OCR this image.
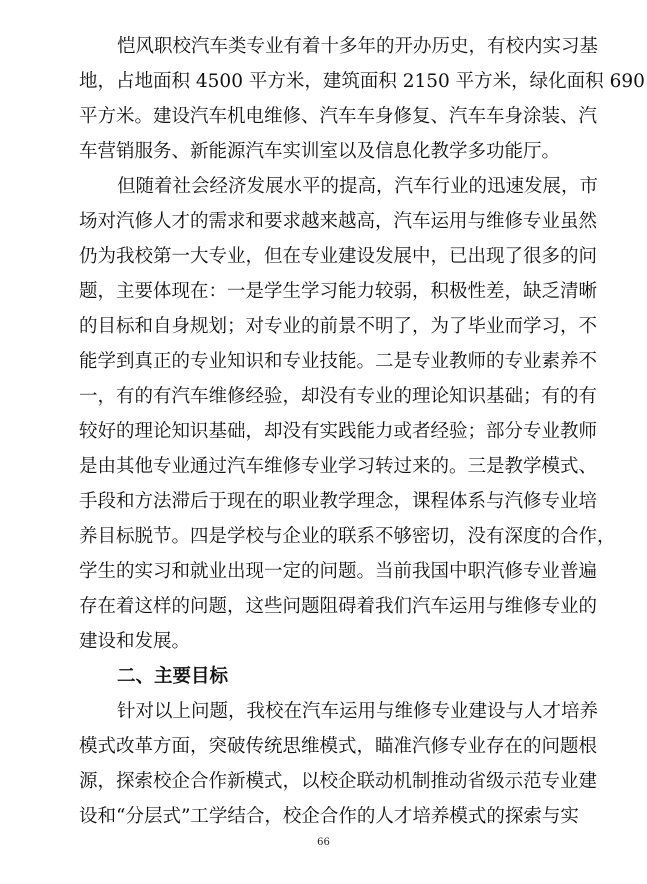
恺风职校汽车类专业有着十多年的开办历史，有校内实习基
地，占地面积 4500 平方米，建筑面积 2150 平方米，绿化面积 690
平方米。建设汽车机电维修、汽车车身修复、汽车车身涂装、汽
车营销服务、新能源汽车实训室以及信息化教学多功能厅。
但随着社会经济发展水平的提高，汽车行业的迅速发展，市
场对汽修人才的需求和要求越来越高，汽车运用与维修专业虽然
仍为我校第一大专业，但在专业建设发展中，已出现了很多的问
题，主要体现在：一是学生学习能力较弱，积极性差，缺乏清晰
的目标和自身规划；对专业的前景不明了，为了毕业而学习，不
能学到真正的专业知识和专业技能。二是专业教师的专业素养不
一，有的有汽车维修经验，却没有专业的理论知识基础；有的有
较好的理论知识基础，却没有实践能力或者经验；部分专业教师
是由其他专业通过汽车维修专业学习转过来的。三是教学模式、
手段和方法滞后于现在的职业教学理念，课程体系与汽修专业培
养目标脱节。四是学校与企业的联系不够密切，没有深度的合作，
学生的实习和就业出现一定的问题。当前我国中职汽修专业普遍
存在着这样的问题，这些问题阻碍着我们汽车运用与维修专业的
建设和发展。
二、主要目标
针对以上问题，我校在汽车运用与维修专业建设与人才培养
模式改革方面，突破传统思维模式，瞄准汽修专业存在的问题根
源，探索校企合作新模式，以校企联动机制推动省级示范专业建
设和“分层式”工学结合，校企合作的人才培养模式的探索与实
66
